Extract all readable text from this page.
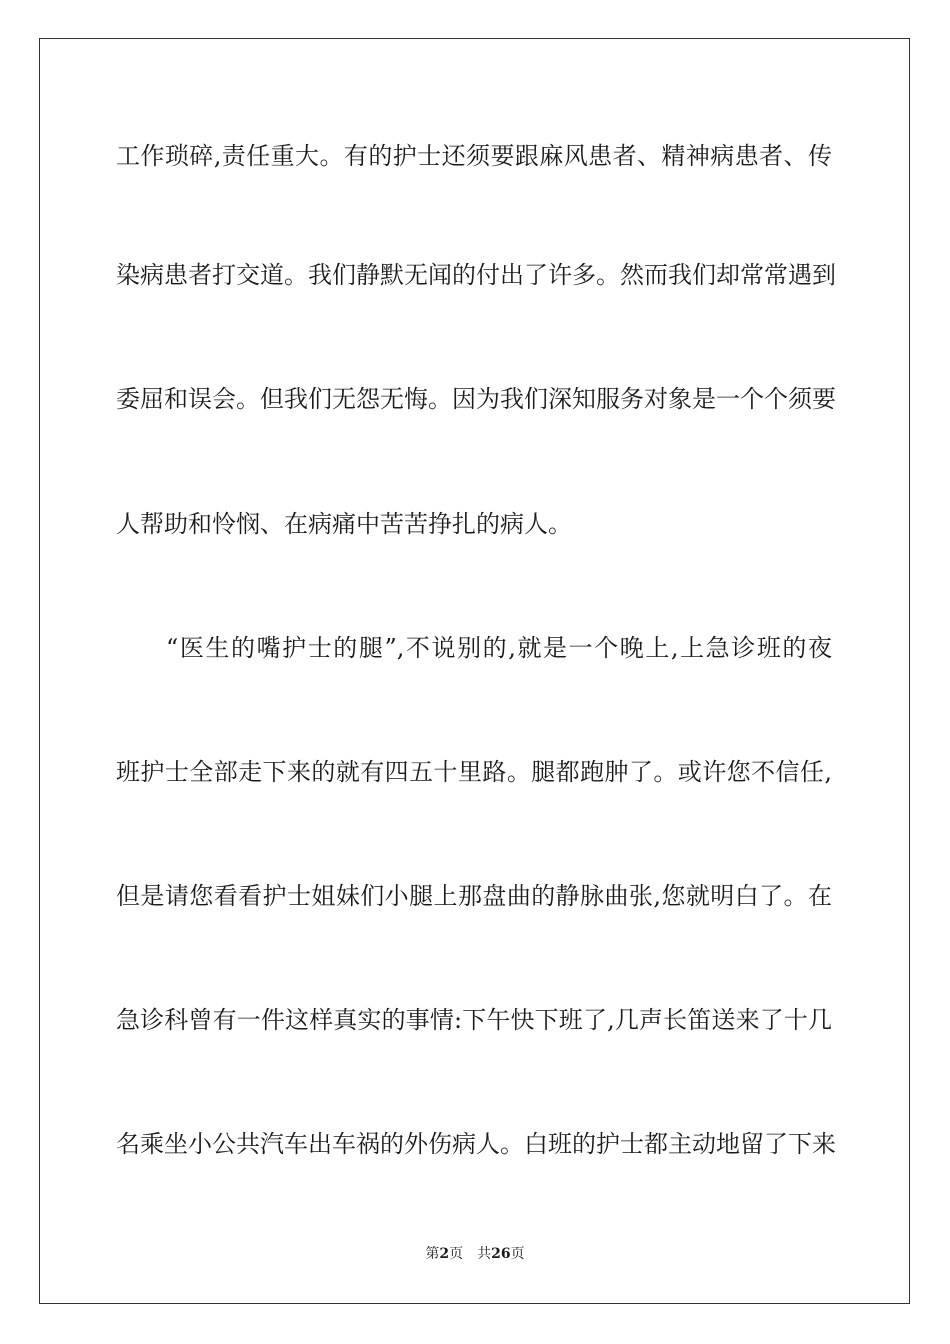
工作琐碎,责任重大。有的护士还须要跟麻风患者、精神病患者、传
染病患者打交道。我们静默无闻的付出了许多。然而我们却常常遇到
委屈和误会。但我们无怨无悔。因为我们深知服务对象是一个个须要
人帮助和怜悯、在病痛中苦苦挣扎的病人。
“医生的嘴护士的腿”,不说别的,就是一个晚上,上急诊班的夜
班护士全部走下来的就有四五十里路。腿都跑肿了。或许您不信任,
但是请您看看护士姐妹们小腿上那盘曲的静脉曲张,您就明白了。在
急诊科曾有一件这样真实的事情:下午快下班了,几声长笛送来了十几
名乘坐小公共汽车出车祸的外伤病人。白班的护士都主动地留了下来
第2页 共26页
